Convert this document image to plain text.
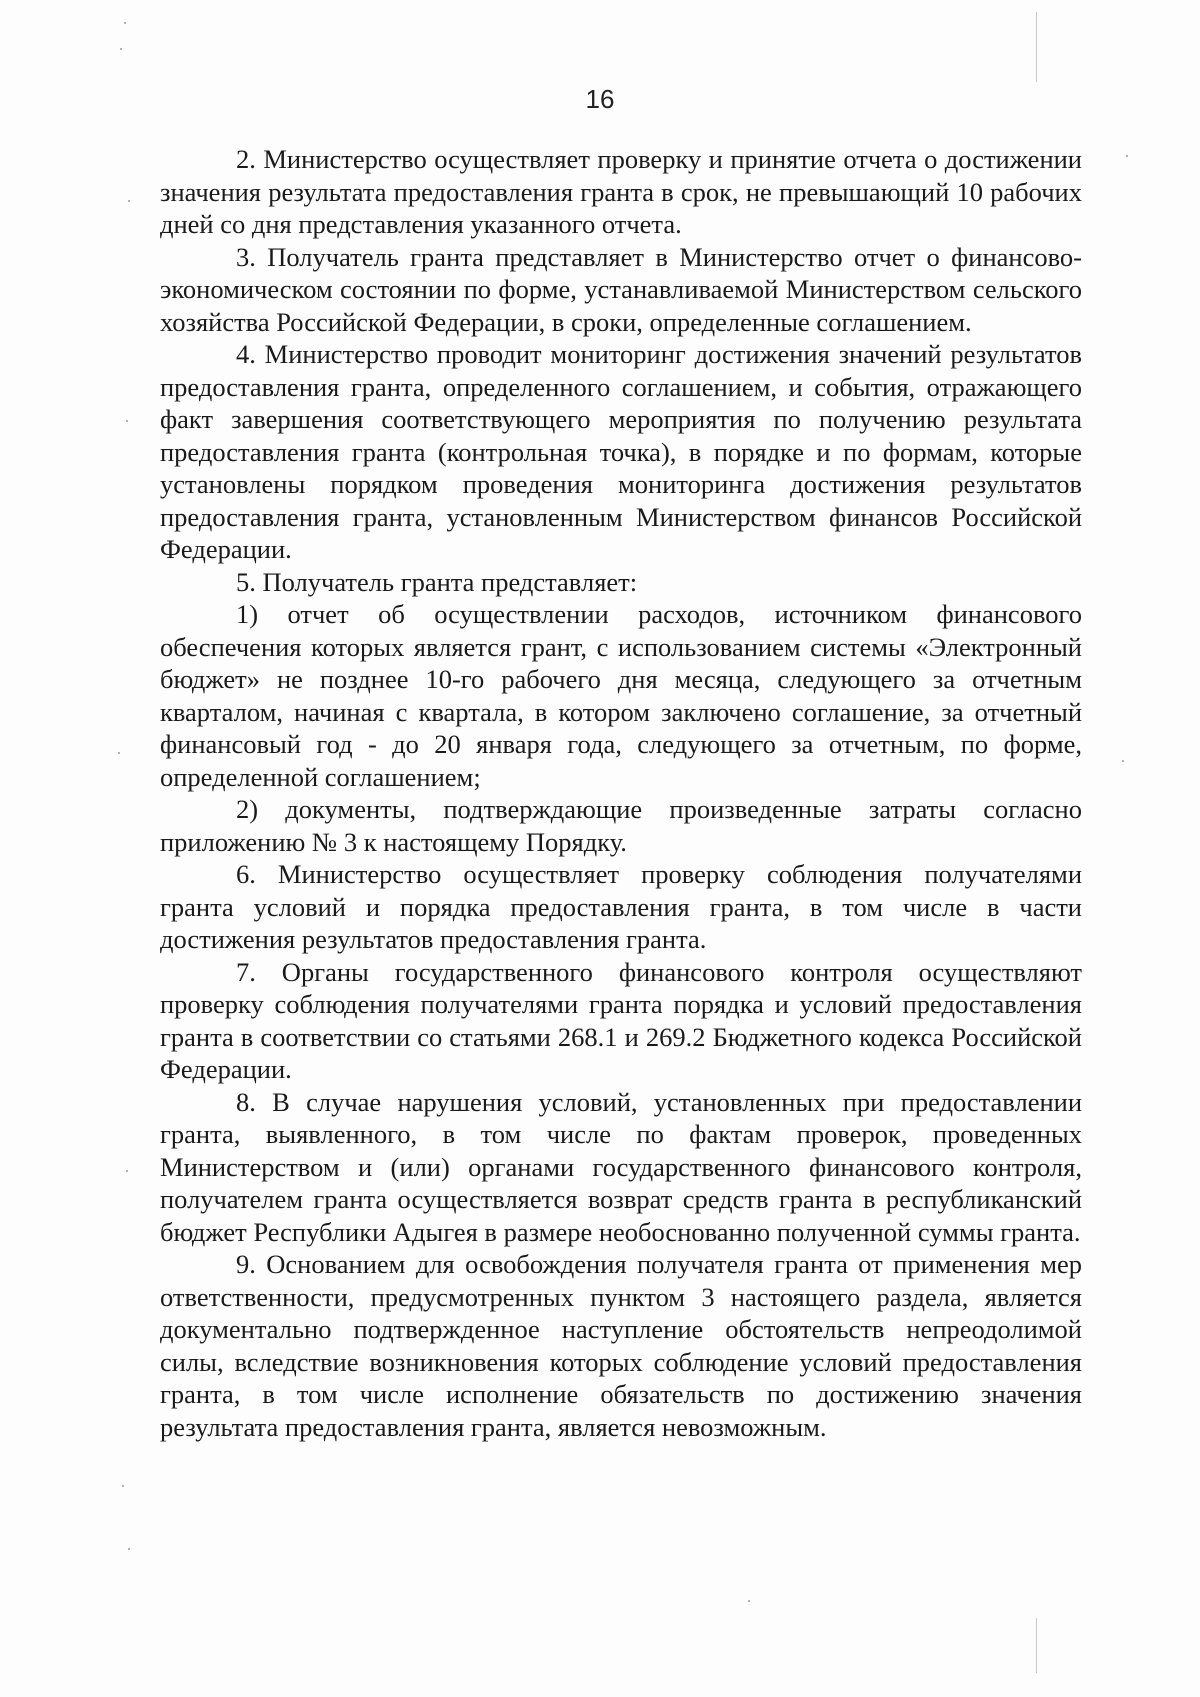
16

2. Министерство осуществляет проверку и принятие отчета о достижении значения результата предоставления гранта в срок, не превышающий 10 рабочих дней со дня представления указанного отчета.

3. Получатель гранта представляет в Министерство отчет о финансово-экономическом состоянии по форме, устанавливаемой Министерством сельского хозяйства Российской Федерации, в сроки, определенные соглашением.

4. Министерство проводит мониторинг достижения значений результатов предоставления гранта, определенного соглашением, и события, отражающего факт завершения соответствующего мероприятия по получению результата предоставления гранта (контрольная точка), в порядке и по формам, которые установлены порядком проведения мониторинга достижения результатов предоставления гранта, установленным Министерством финансов Российской Федерации.

5. Получатель гранта представляет:

1) отчет об осуществлении расходов, источником финансового обеспечения которых является грант, с использованием системы «Электронный бюджет» не позднее 10-го рабочего дня месяца, следующего за отчетным кварталом, начиная с квартала, в котором заключено соглашение, за отчетный финансовый год - до 20 января года, следующего за отчетным, по форме, определенной соглашением;

2) документы, подтверждающие произведенные затраты согласно приложению № 3 к настоящему Порядку.

6. Министерство осуществляет проверку соблюдения получателями гранта условий и порядка предоставления гранта, в том числе в части достижения результатов предоставления гранта.

7. Органы государственного финансового контроля осуществляют проверку соблюдения получателями гранта порядка и условий предоставления гранта в соответствии со статьями 268.1 и 269.2 Бюджетного кодекса Российской Федерации.

8. В случае нарушения условий, установленных при предоставлении гранта, выявленного, в том числе по фактам проверок, проведенных Министерством и (или) органами государственного финансового контроля, получателем гранта осуществляется возврат средств гранта в республиканский бюджет Республики Адыгея в размере необоснованно полученной суммы гранта.

9. Основанием для освобождения получателя гранта от применения мер ответственности, предусмотренных пунктом 3 настоящего раздела, является документально подтвержденное наступление обстоятельств непреодолимой силы, вследствие возникновения которых соблюдение условий предоставления гранта, в том числе исполнение обязательств по достижению значения результата предоставления гранта, является невозможным.
